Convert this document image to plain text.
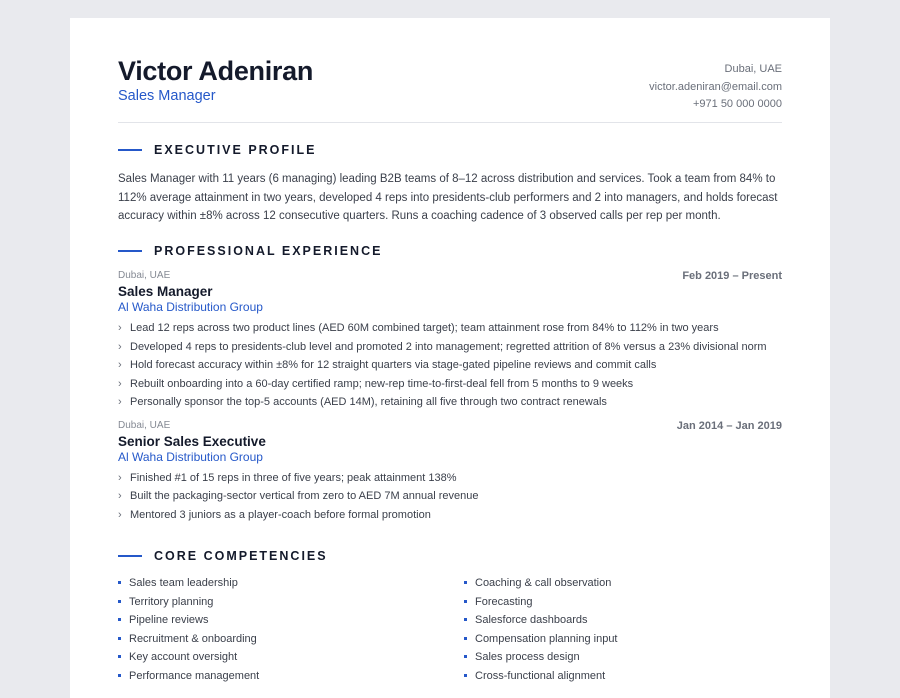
Victor Adeniran
Sales Manager
Dubai, UAE
victor.adeniran@email.com
+971 50 000 0000
EXECUTIVE PROFILE
Sales Manager with 11 years (6 managing) leading B2B teams of 8–12 across distribution and services. Took a team from 84% to 112% average attainment in two years, developed 4 reps into presidents-club performers and 2 into managers, and holds forecast accuracy within ±8% across 12 consecutive quarters. Runs a coaching cadence of 3 observed calls per rep per month.
PROFESSIONAL EXPERIENCE
Dubai, UAE	Feb 2019 – Present
Sales Manager
Al Waha Distribution Group
› Lead 12 reps across two product lines (AED 60M combined target); team attainment rose from 84% to 112% in two years
› Developed 4 reps to presidents-club level and promoted 2 into management; regretted attrition of 8% versus a 23% divisional norm
› Hold forecast accuracy within ±8% for 12 straight quarters via stage-gated pipeline reviews and commit calls
› Rebuilt onboarding into a 60-day certified ramp; new-rep time-to-first-deal fell from 5 months to 9 weeks
› Personally sponsor the top-5 accounts (AED 14M), retaining all five through two contract renewals
Dubai, UAE	Jan 2014 – Jan 2019
Senior Sales Executive
Al Waha Distribution Group
› Finished #1 of 15 reps in three of five years; peak attainment 138%
› Built the packaging-sector vertical from zero to AED 7M annual revenue
› Mentored 3 juniors as a player-coach before formal promotion
CORE COMPETENCIES
Sales team leadership	Coaching & call observation
Territory planning	Forecasting
Pipeline reviews	Salesforce dashboards
Recruitment & onboarding	Compensation planning input
Key account oversight	Sales process design
Performance management	Cross-functional alignment
